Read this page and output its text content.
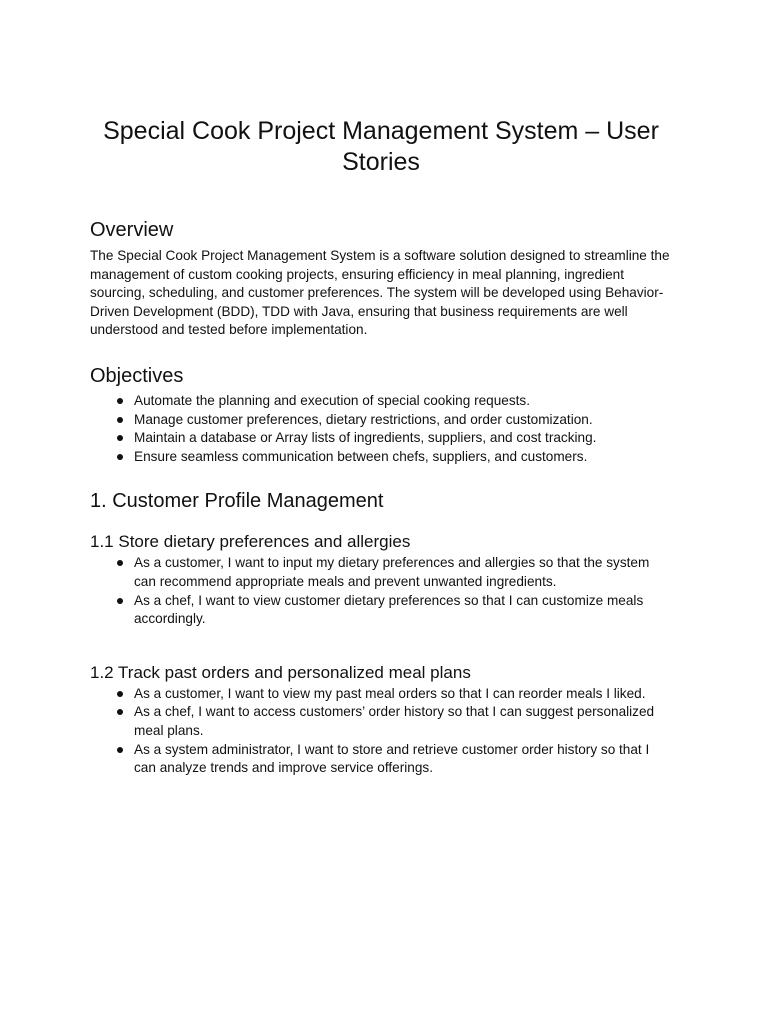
Special Cook Project Management System – User Stories
Overview

The Special Cook Project Management System is a software solution designed to streamline the management of custom cooking projects, ensuring efficiency in meal planning, ingredient sourcing, scheduling, and customer preferences. The system will be developed using Behavior-Driven Development (BDD), TDD with Java, ensuring that business requirements are well understood and tested before implementation.

Objectives
Automate the planning and execution of special cooking requests.
Manage customer preferences, dietary restrictions, and order customization.
Maintain a database or Array lists of ingredients, suppliers, and cost tracking.
Ensure seamless communication between chefs, suppliers, and customers.
1. Customer Profile Management
1.1 Store dietary preferences and allergies
As a customer, I want to input my dietary preferences and allergies so that the system can recommend appropriate meals and prevent unwanted ingredients.
As a chef, I want to view customer dietary preferences so that I can customize meals accordingly.
1.2 Track past orders and personalized meal plans
As a customer, I want to view my past meal orders so that I can reorder meals I liked.
As a chef, I want to access customers’ order history so that I can suggest personalized meal plans.
As a system administrator, I want to store and retrieve customer order history so that I can analyze trends and improve service offerings.
